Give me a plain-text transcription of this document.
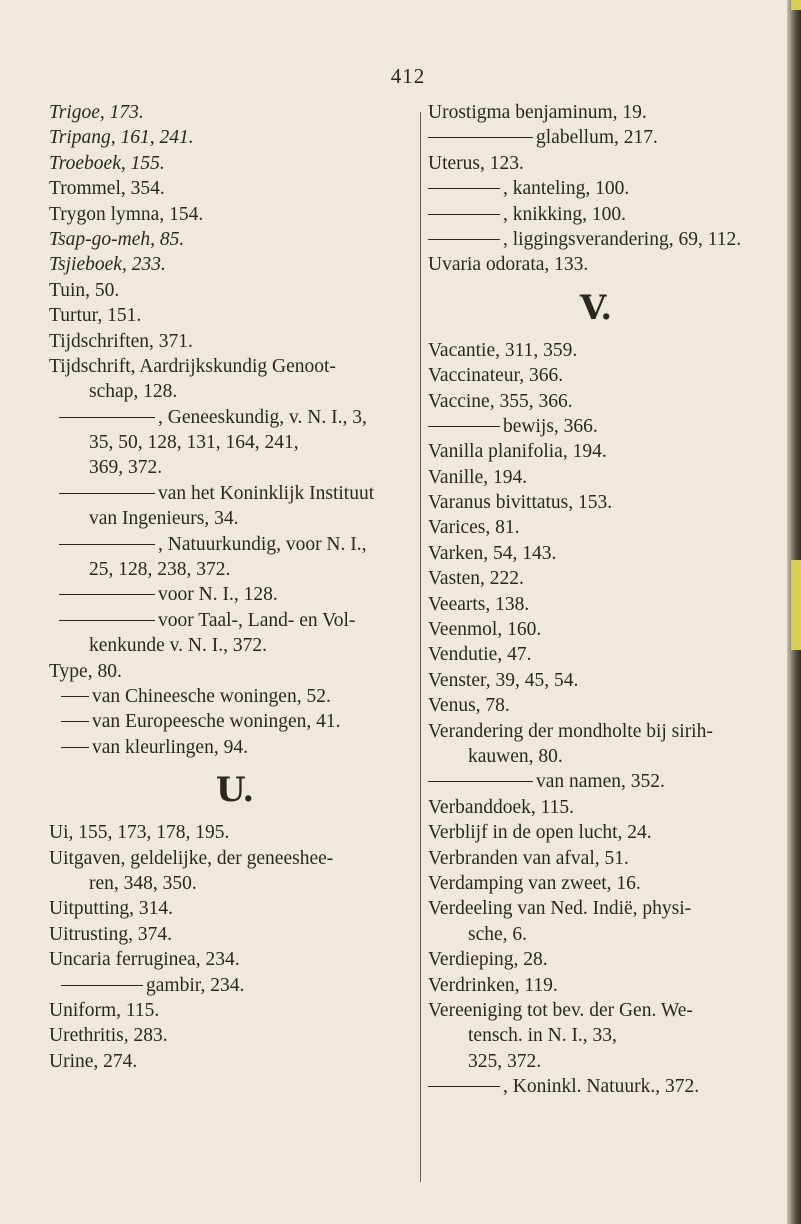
412
Trigoe, 173.
Tripang, 161, 241.
Troeboek, 155.
Trommel, 354.
Trygon lymna, 154.
Tsap-go-meh, 85.
Tsjieboek, 233.
Tuin, 50.
Turtur, 151.
Tijdschriften, 371.
Tijdschrift, Aardrijkskundig Genoot-
schap, 128.
, Geneeskundig, v. N. I., 3,
35, 50, 128, 131, 164, 241,
369, 372.
van het Koninklijk Instituut
van Ingenieurs, 34.
, Natuurkundig, voor N. I.,
25, 128, 238, 372.
voor N. I., 128.
voor Taal-, Land- en Vol-
kenkunde v. N. I., 372.
Type, 80.
van Chineesche woningen, 52.
van Europeesche woningen, 41.
van kleurlingen, 94.
U.
Ui, 155, 173, 178, 195.
Uitgaven, geldelijke, der geneeshee-
ren, 348, 350.
Uitputting, 314.
Uitrusting, 374.
Uncaria ferruginea, 234.
gambir, 234.
Uniform, 115.
Urethritis, 283.
Urine, 274.
Urostigma benjaminum, 19.
glabellum, 217.
Uterus, 123.
, kanteling, 100.
, knikking, 100.
, liggingsverandering, 69, 112.
Uvaria odorata, 133.
V.
Vacantie, 311, 359.
Vaccinateur, 366.
Vaccine, 355, 366.
bewijs, 366.
Vanilla planifolia, 194.
Vanille, 194.
Varanus bivittatus, 153.
Varices, 81.
Varken, 54, 143.
Vasten, 222.
Veearts, 138.
Veenmol, 160.
Vendutie, 47.
Venster, 39, 45, 54.
Venus, 78.
Verandering der mondholte bij sirih-
kauwen, 80.
van namen, 352.
Verbanddoek, 115.
Verblijf in de open lucht, 24.
Verbranden van afval, 51.
Verdamping van zweet, 16.
Verdeeling van Ned. Indië, physi-
sche, 6.
Verdieping, 28.
Verdrinken, 119.
Vereeniging tot bev. der Gen. We-
tensch. in N. I., 33,
325, 372.
, Koninkl. Natuurk., 372.
